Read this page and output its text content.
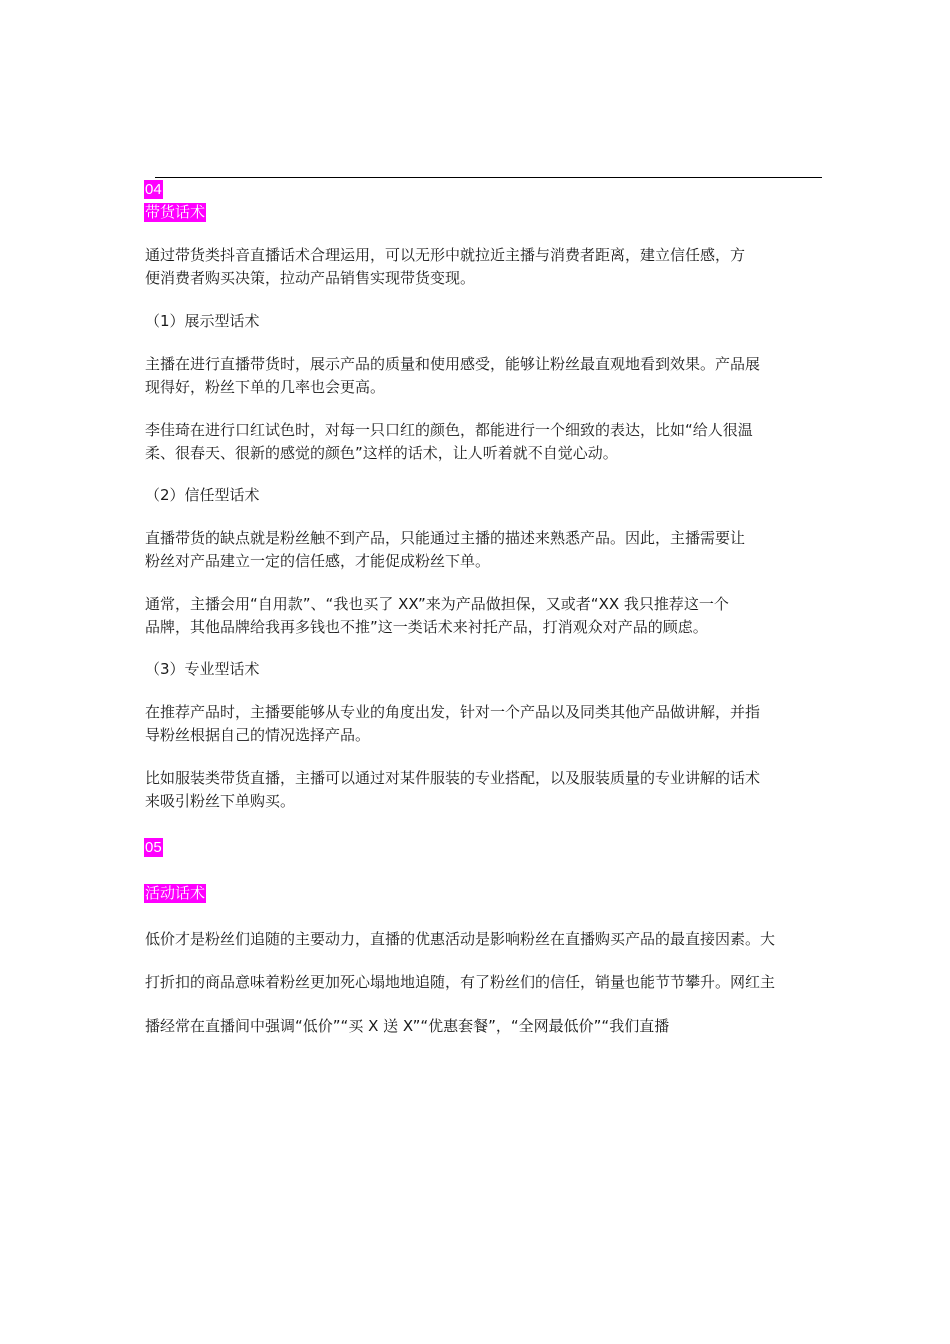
04
带货话术

通过带货类抖音直播话术合理运用，可以无形中就拉近主播与消费者距离，建立信任感，方
便消费者购买决策，拉动产品销售实现带货变现。

（1）展示型话术

主播在进行直播带货时，展示产品的质量和使用感受，能够让粉丝最直观地看到效果。产品展
现得好，粉丝下单的几率也会更高。

李佳琦在进行口红试色时，对每一只口红的颜色，都能进行一个细致的表达，比如“给人很温
柔、很春天、很新的感觉的颜色”这样的话术，让人听着就不自觉心动。

（2）信任型话术

直播带货的缺点就是粉丝触不到产品，只能通过主播的描述来熟悉产品。因此，主播需要让
粉丝对产品建立一定的信任感，才能促成粉丝下单。

通常，主播会用“自用款”、“我也买了 XX”来为产品做担保，又或者“XX 我只推荐这一个
品牌，其他品牌给我再多钱也不推”这一类话术来衬托产品，打消观众对产品的顾虑。

（3）专业型话术

在推荐产品时，主播要能够从专业的角度出发，针对一个产品以及同类其他产品做讲解，并指
导粉丝根据自己的情况选择产品。

比如服装类带货直播，主播可以通过对某件服装的专业搭配，以及服装质量的专业讲解的话术
来吸引粉丝下单购买。

05
活动话术

低价才是粉丝们追随的主要动力，直播的优惠活动是影响粉丝在直播购买产品的最直接因素。大

打折扣的商品意味着粉丝更加死心塌地地追随，有了粉丝们的信任，销量也能节节攀升。网红主

播经常在直播间中强调“低价”“买 X 送 X”“优惠套餐”，“全网最低价”“我们直播
